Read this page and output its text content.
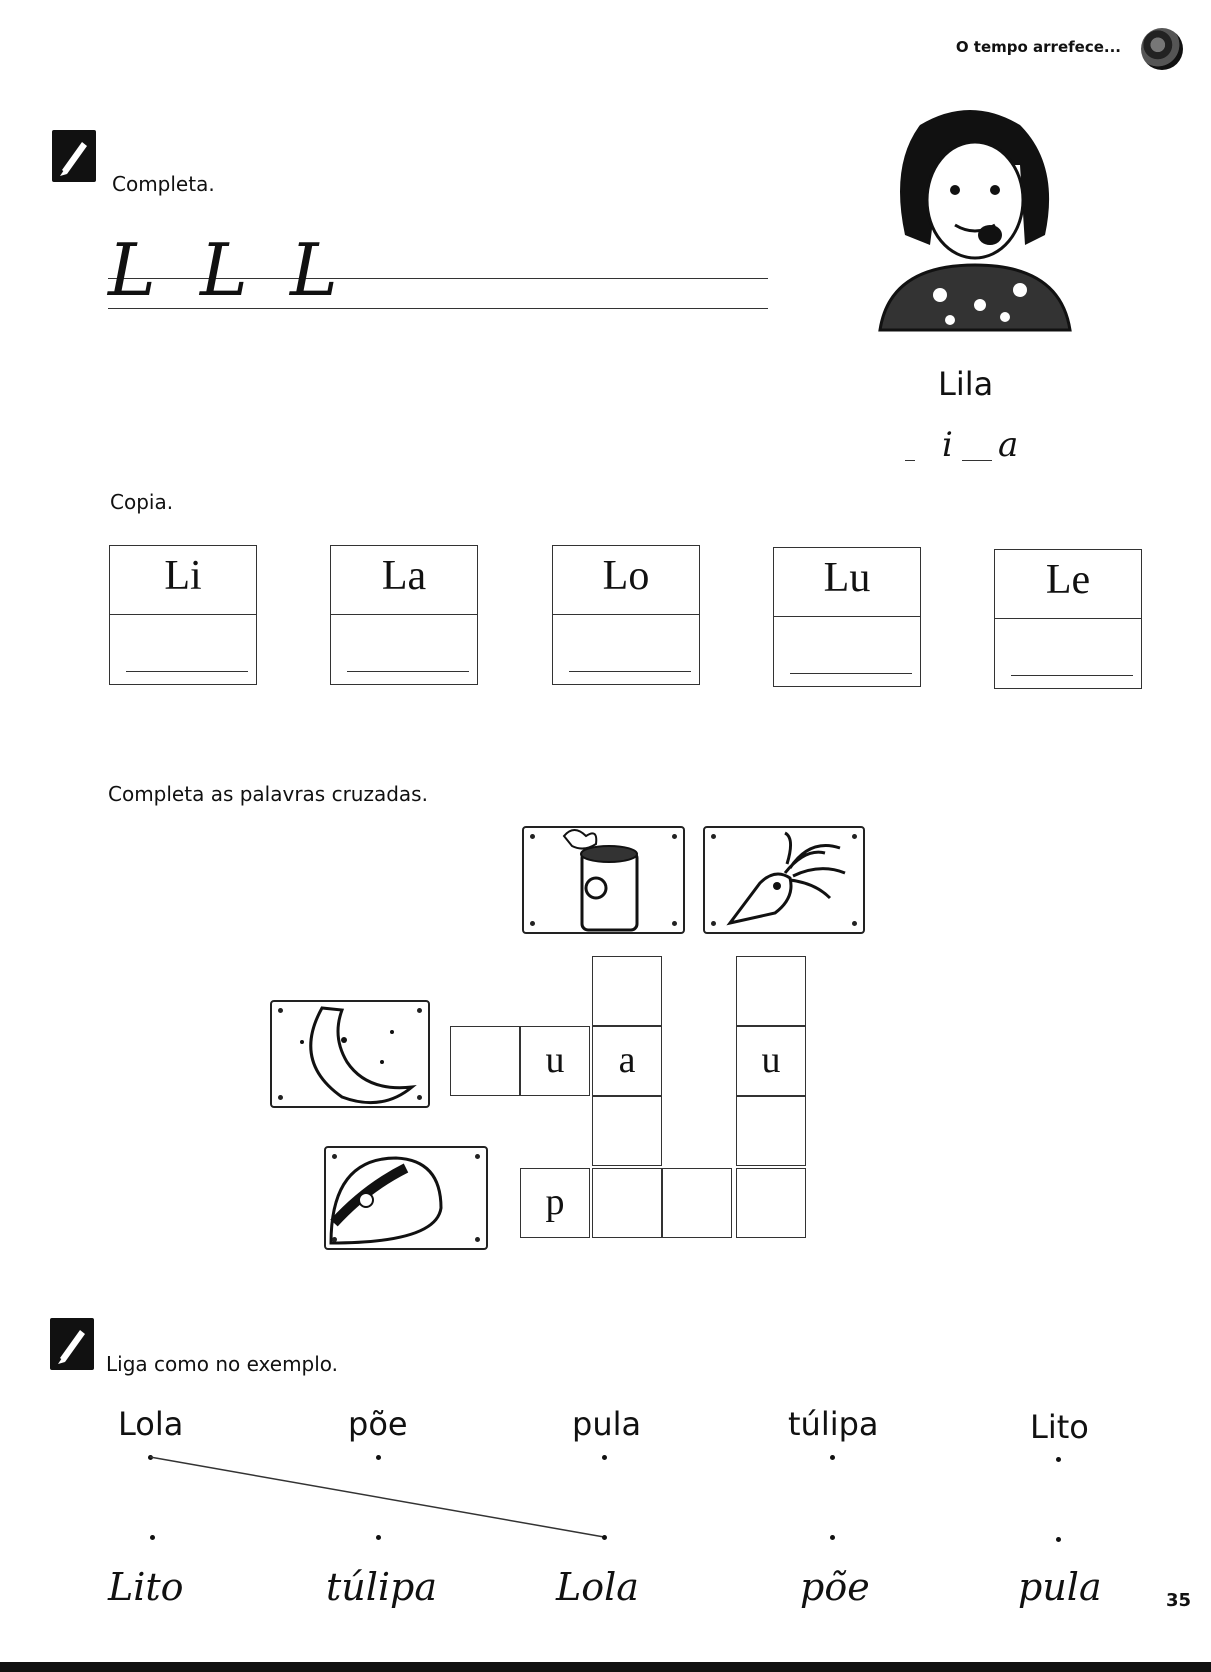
O tempo arrefece...
Completa.
L L L
Lila
i a
Copia.
Li	La	Lo	Lu	Le
Completa as palavras cruzadas.
u	a	u
p
Liga como no exemplo.
Lola	põe	pula	túlipa	Lito
Lito	túlipa	Lola	põe	pula	35
